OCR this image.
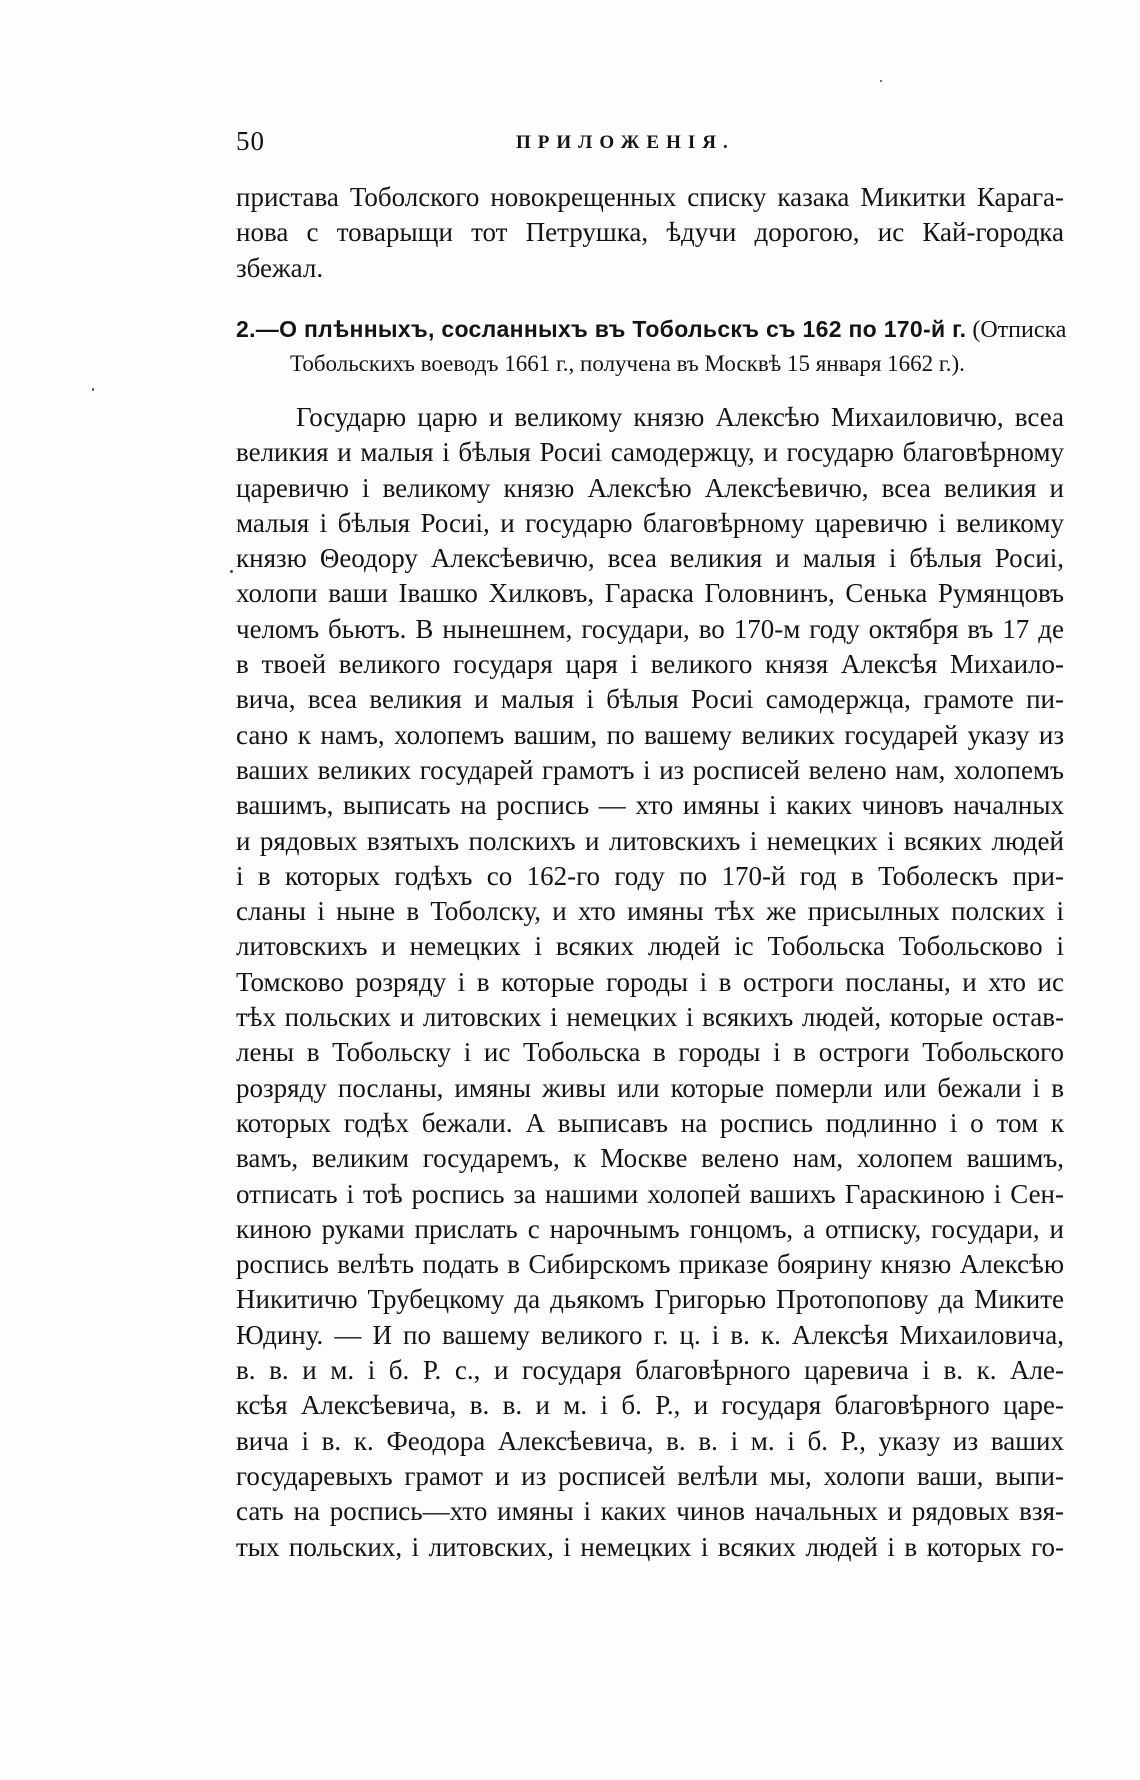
50	ПРИЛОЖЕНІЯ.
пристава Тоболского новокрещенных списку казака Микитки Карага-
нова с товарыщи тот Петрушка, ѣдучи дорогою, ис Кай-городка
збежал.
2.—О плѣнныхъ, сосланныхъ въ Тобольскъ съ 162 по 170-й г. (Отписка
Тобольскихъ воеводъ 1661 г., получена въ Москвѣ 15 января 1662 г.).
Государю царю и великому князю Алексѣю Михаиловичю, всеа
великия и малыя і бѣлыя Росиі самодержцу, и государю благовѣрному
царевичю і великому князю Алексѣю Алексѣевичю, всеа великия и
малыя і бѣлыя Росиі, и государю благовѣрному царевичю і великому
князю Θеодору Алексѣевичю, всеа великия и малыя і бѣлыя Росиі,
холопи ваши Івашко Хилковъ, Гараска Головнинъ, Сенька Румянцовъ
челомъ бьютъ. В нынешнем, государи, во 170-м году октября въ 17 де
в твоей великого государя царя і великого князя Алексѣя Михаило-
вича, всеа великия и малыя і бѣлыя Росиі самодержца, грамоте пи-
сано к намъ, холопемъ вашим, по вашему великих государей указу из
ваших великих государей грамотъ і из росписей велено нам, холопемъ
вашимъ, выписать на роспись — хто имяны і каких чиновъ началных
и рядовых взятыхъ полскихъ и литовскихъ і немецких і всякиx людей
і в которых годѣхъ со 162-го году по 170-й год в Тоболескъ при-
сланы і ныне в Тоболску, и хто имяны тѣх же присылных полских і
литовскихъ и немецких і всяких людей іс Тобольска Тобольсково і
Томсково розряду і в которые городы і в остроги посланы, и хто ис
тѣх польских и литовских і немецких і всякихъ людей, которые остав-
лены в Тобольску і ис Тобольска в городы і в остроги Тобольского
розряду посланы, имяны живы или которые померли или бежали і в
которых годѣх бежали. А выписавъ на роспись подлинно і о том к
вамъ, великим государемъ, к Москве велено нам, холопем вашимъ,
отписать і тоѣ роспись за нашими холопей вашихъ Гараскиною і Сен-
киною руками прислать с нарочнымъ гонцомъ, а отписку, государи, и
роспись велѣть подать в Сибирскомъ приказе боярину князю Алексѣю
Никитичю Трубецкому да дьякомъ Григорью Протопопову да Микитe
Юдину. — И по вашему великого г. ц. і в. к. Алексѣя Михаиловича,
в. в. и м. і б. Р. с., и государя благовѣрного царевича і в. к. Але-
ксѣя Алексѣевича, в. в. и м. і б. Р., и государя благовѣрного царе-
вича і в. к. Феодора Алексѣевича, в. в. і м. і б. Р., указу из ваших
государевыхъ грамот и из росписей велѣли мы, холопи ваши, выпи-
сать на роспись—хто имяны і каких чинов начальных и рядовых взя-
тых польских, і литовских, і немецких і всяких людей і в которых го-
